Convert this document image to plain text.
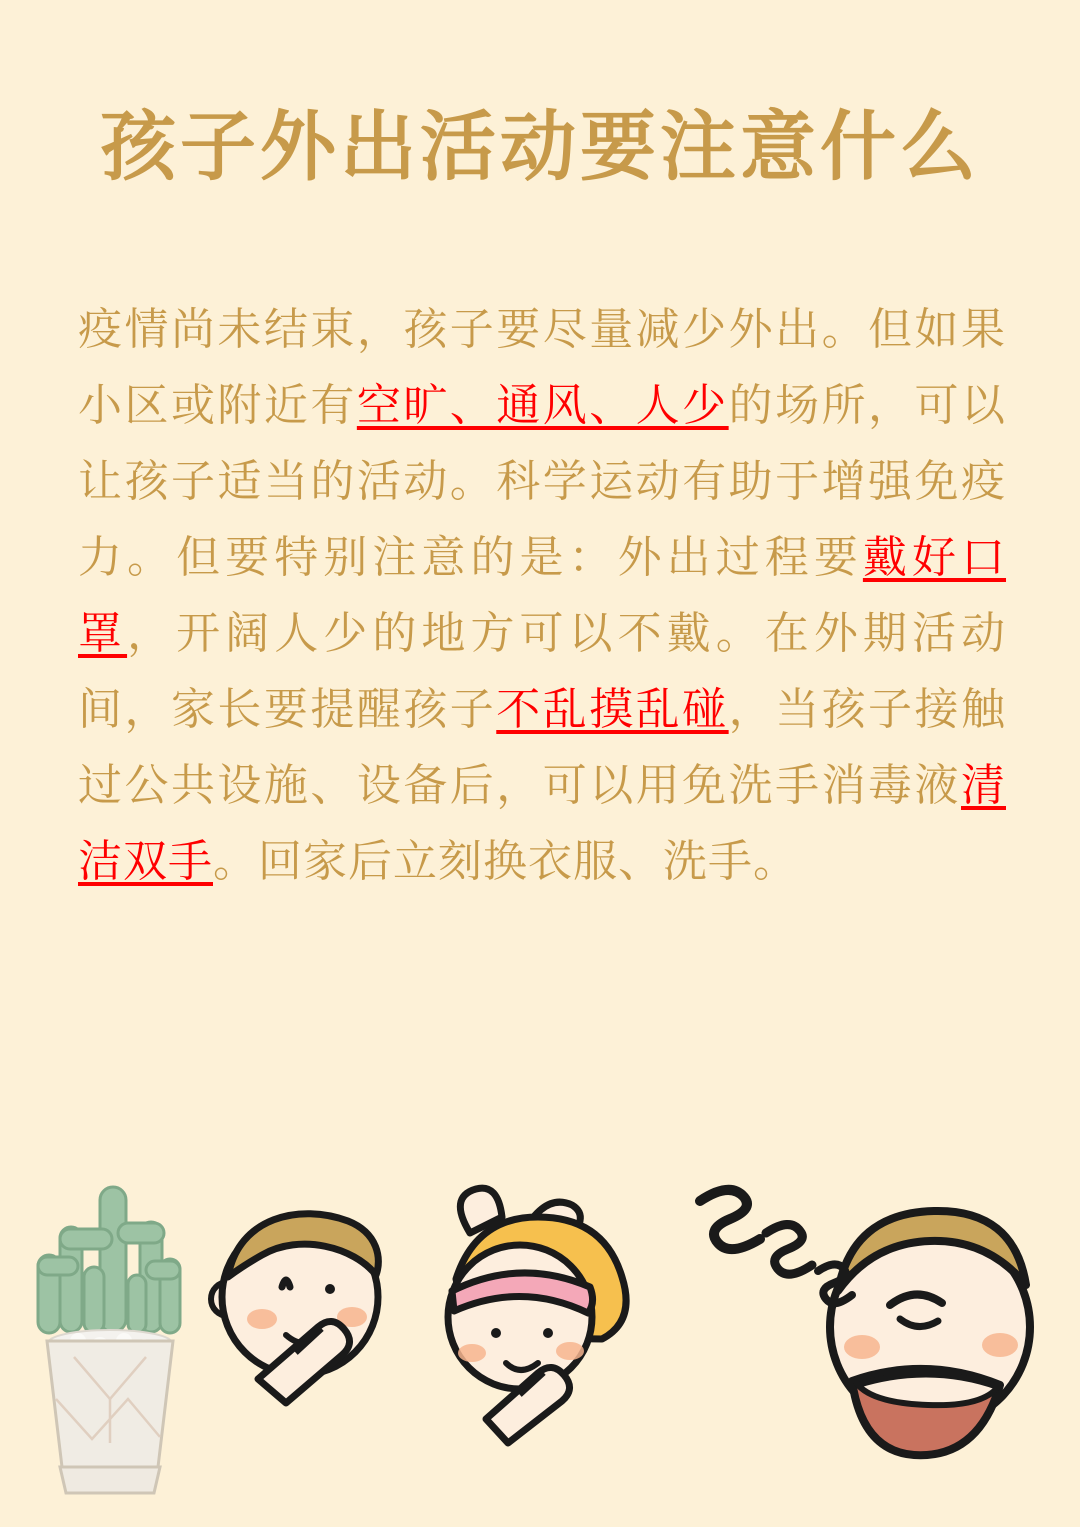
孩子外出活动要注意什么
疫情尚未结束，孩子要尽量减少外出。但如果小区或附近有空旷、通风、人少的场所，可以让孩子适当的活动。科学运动有助于增强免疫力。但要特别注意的是：外出过程要戴好口罩，开阔人少的地方可以不戴。在外期活动间，家长要提醒孩子不乱摸乱碰，当孩子接触过公共设施、设备后，可以用免洗手消毒液清洁双手。回家后立刻换衣服、洗手。
